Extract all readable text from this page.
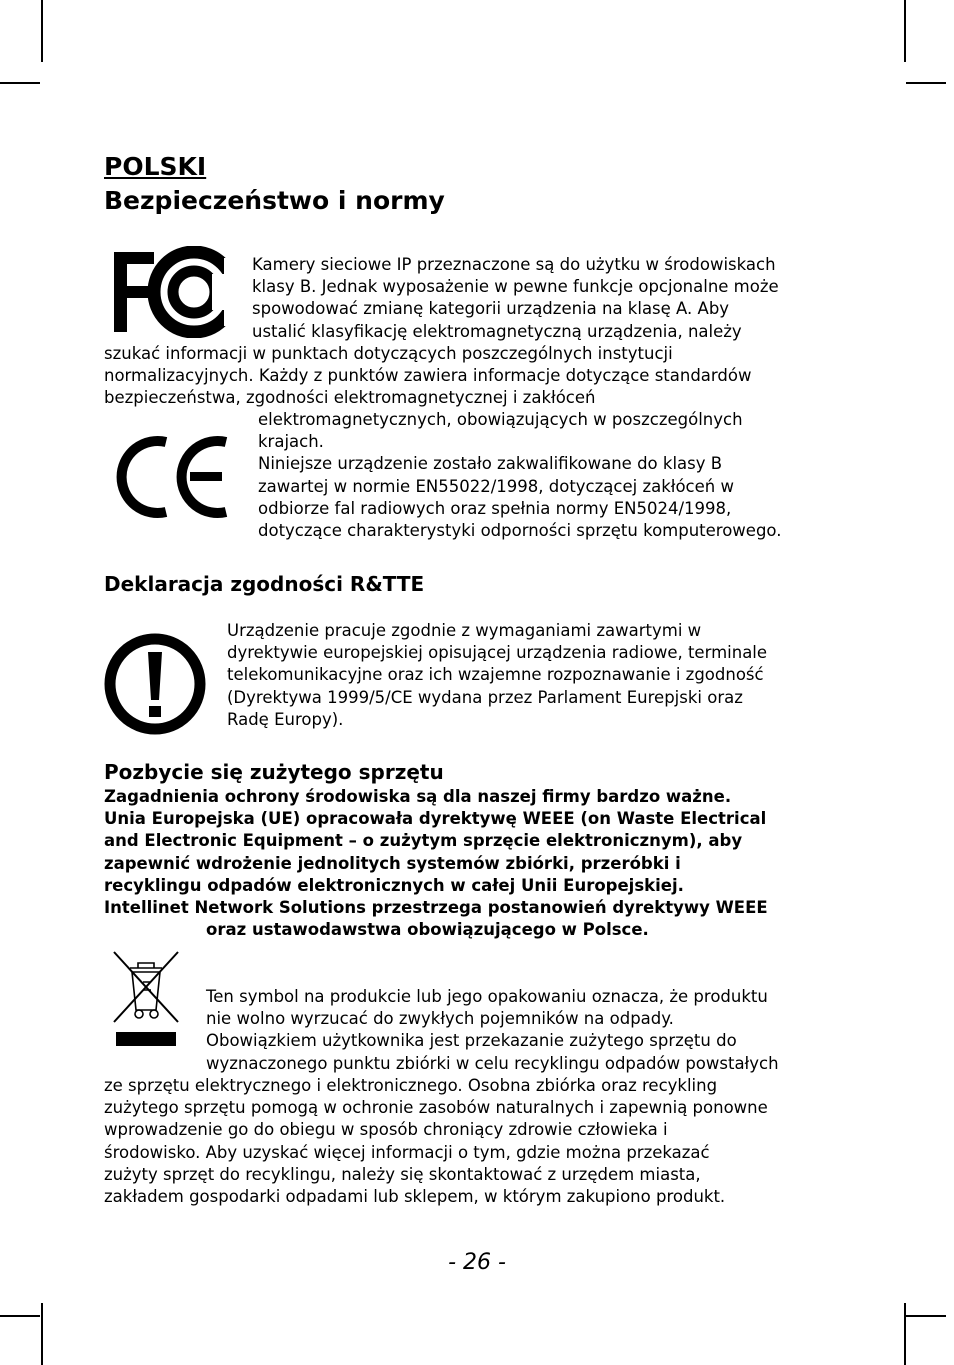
POLSKI
Bezpieczeństwo i normy
Kamery sieciowe IP przeznaczone są do użytku w środowiskach
klasy B. Jednak wyposażenie w pewne funkcje opcjonalne może
spowodować zmianę kategorii urządzenia na klasę A. Aby
ustalić klasyfikację elektromagnetyczną urządzenia, należy
szukać informacji w punktach dotyczących poszczególnych instytucji
normalizacyjnych. Każdy z punktów zawiera informacje dotyczące standardów
bezpieczeństwa, zgodności elektromagnetycznej i zakłóceń
elektromagnetycznych, obowiązujących w poszczególnych
krajach.
Niniejsze urządzenie zostało zakwalifikowane do klasy B
zawartej w normie EN55022/1998, dotyczącej zakłóceń w
odbiorze fal radiowych oraz spełnia normy EN5024/1998,
dotyczące charakterystyki odporności sprzętu komputerowego.
Deklaracja zgodności R&TTE
Urządzenie pracuje zgodnie z wymaganiami zawartymi w
dyrektywie europejskiej opisującej urządzenia radiowe, terminale
telekomunikacyjne oraz ich wzajemne rozpoznawanie i zgodność
(Dyrektywa 1999/5/CE wydana przez Parlament Eurepjski oraz
Radę Europy).
Pozbycie się zużytego sprzętu
Zagadnienia ochrony środowiska są dla naszej firmy bardzo ważne.
Unia Europejska (UE) opracowała dyrektywę WEEE (on Waste Electrical
and Electronic Equipment – o zużytym sprzęcie elektronicznym), aby
zapewnić wdrożenie jednolitych systemów zbiórki, przeróbki i
recyklingu odpadów elektronicznych w całej Unii Europejskiej.
Intellinet Network Solutions przestrzega postanowień dyrektywy WEEE
oraz ustawodawstwa obowiązującego w Polsce.
Ten symbol na produkcie lub jego opakowaniu oznacza, że produktu
nie wolno wyrzucać do zwykłych pojemników na odpady.
Obowiązkiem użytkownika jest przekazanie zużytego sprzętu do
wyznaczonego punktu zbiórki w celu recyklingu odpadów powstałych
ze sprzętu elektrycznego i elektronicznego. Osobna zbiórka oraz recykling
zużytego sprzętu pomogą w ochronie zasobów naturalnych i zapewnią ponowne
wprowadzenie go do obiegu w sposób chroniący zdrowie człowieka i
środowisko. Aby uzyskać więcej informacji o tym, gdzie można przekazać
zużyty sprzęt do recyklingu, należy się skontaktować z urzędem miasta,
zakładem gospodarki odpadami lub sklepem, w którym zakupiono produkt.
- 26 -
